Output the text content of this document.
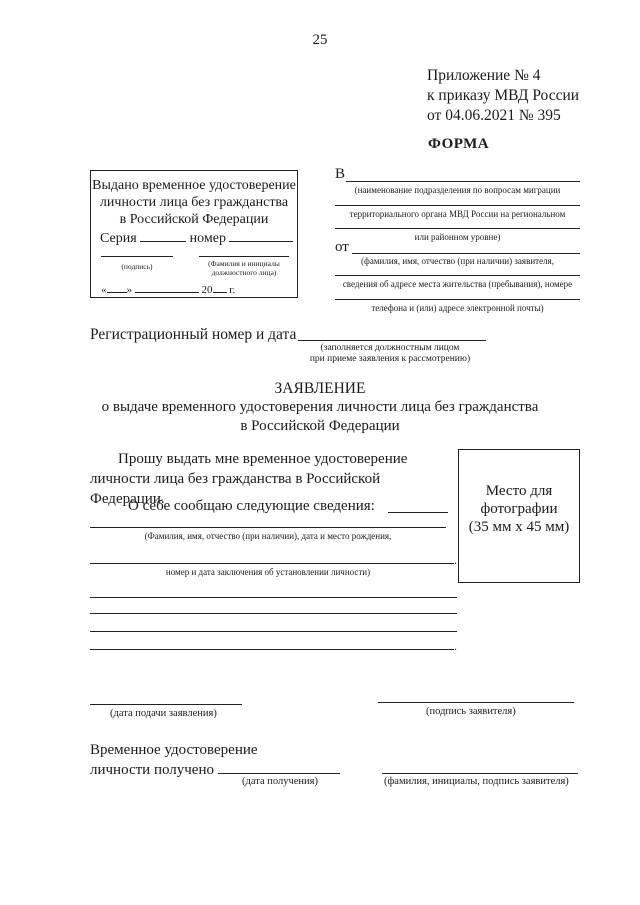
25
Приложение № 4
к приказу МВД России
от 04.06.2021 № 395
ФОРМА
Выдано временное удостоверение
личности лица без гражданства
в Российской Федерации
Серия	номер
(подпись)	(Фамилия и инициалы
должностного лица)
« »	20 г.
В
(наименование подразделения по вопросам миграции
территориального органа МВД России на региональном
или районном уровне)
от
(фамилия, имя, отчество (при наличии) заявителя,
сведения об адресе места жительства (пребывания), номере
телефона и (или) адресе электронной почты)
Регистрационный номер и дата
(заполняется должностным лицом
при приеме заявления к рассмотрению)
ЗАЯВЛЕНИЕ
о выдаче временного удостоверения личности лица без гражданства
в Российской Федерации
Прошу выдать мне временное удостоверение
личности лица без гражданства в Российской Федерации.
О себе сообщаю следующие сведения:
(Фамилия, имя, отчество (при наличии), дата и место рождения,
.
номер и дата заключения об установлении личности)
.
Место для
фотографии
(35 мм х 45 мм)
(дата подачи заявления)	(подпись заявителя)
Временное удостоверение
личности получено
(дата получения)	(фамилия, инициалы, подпись заявителя)
